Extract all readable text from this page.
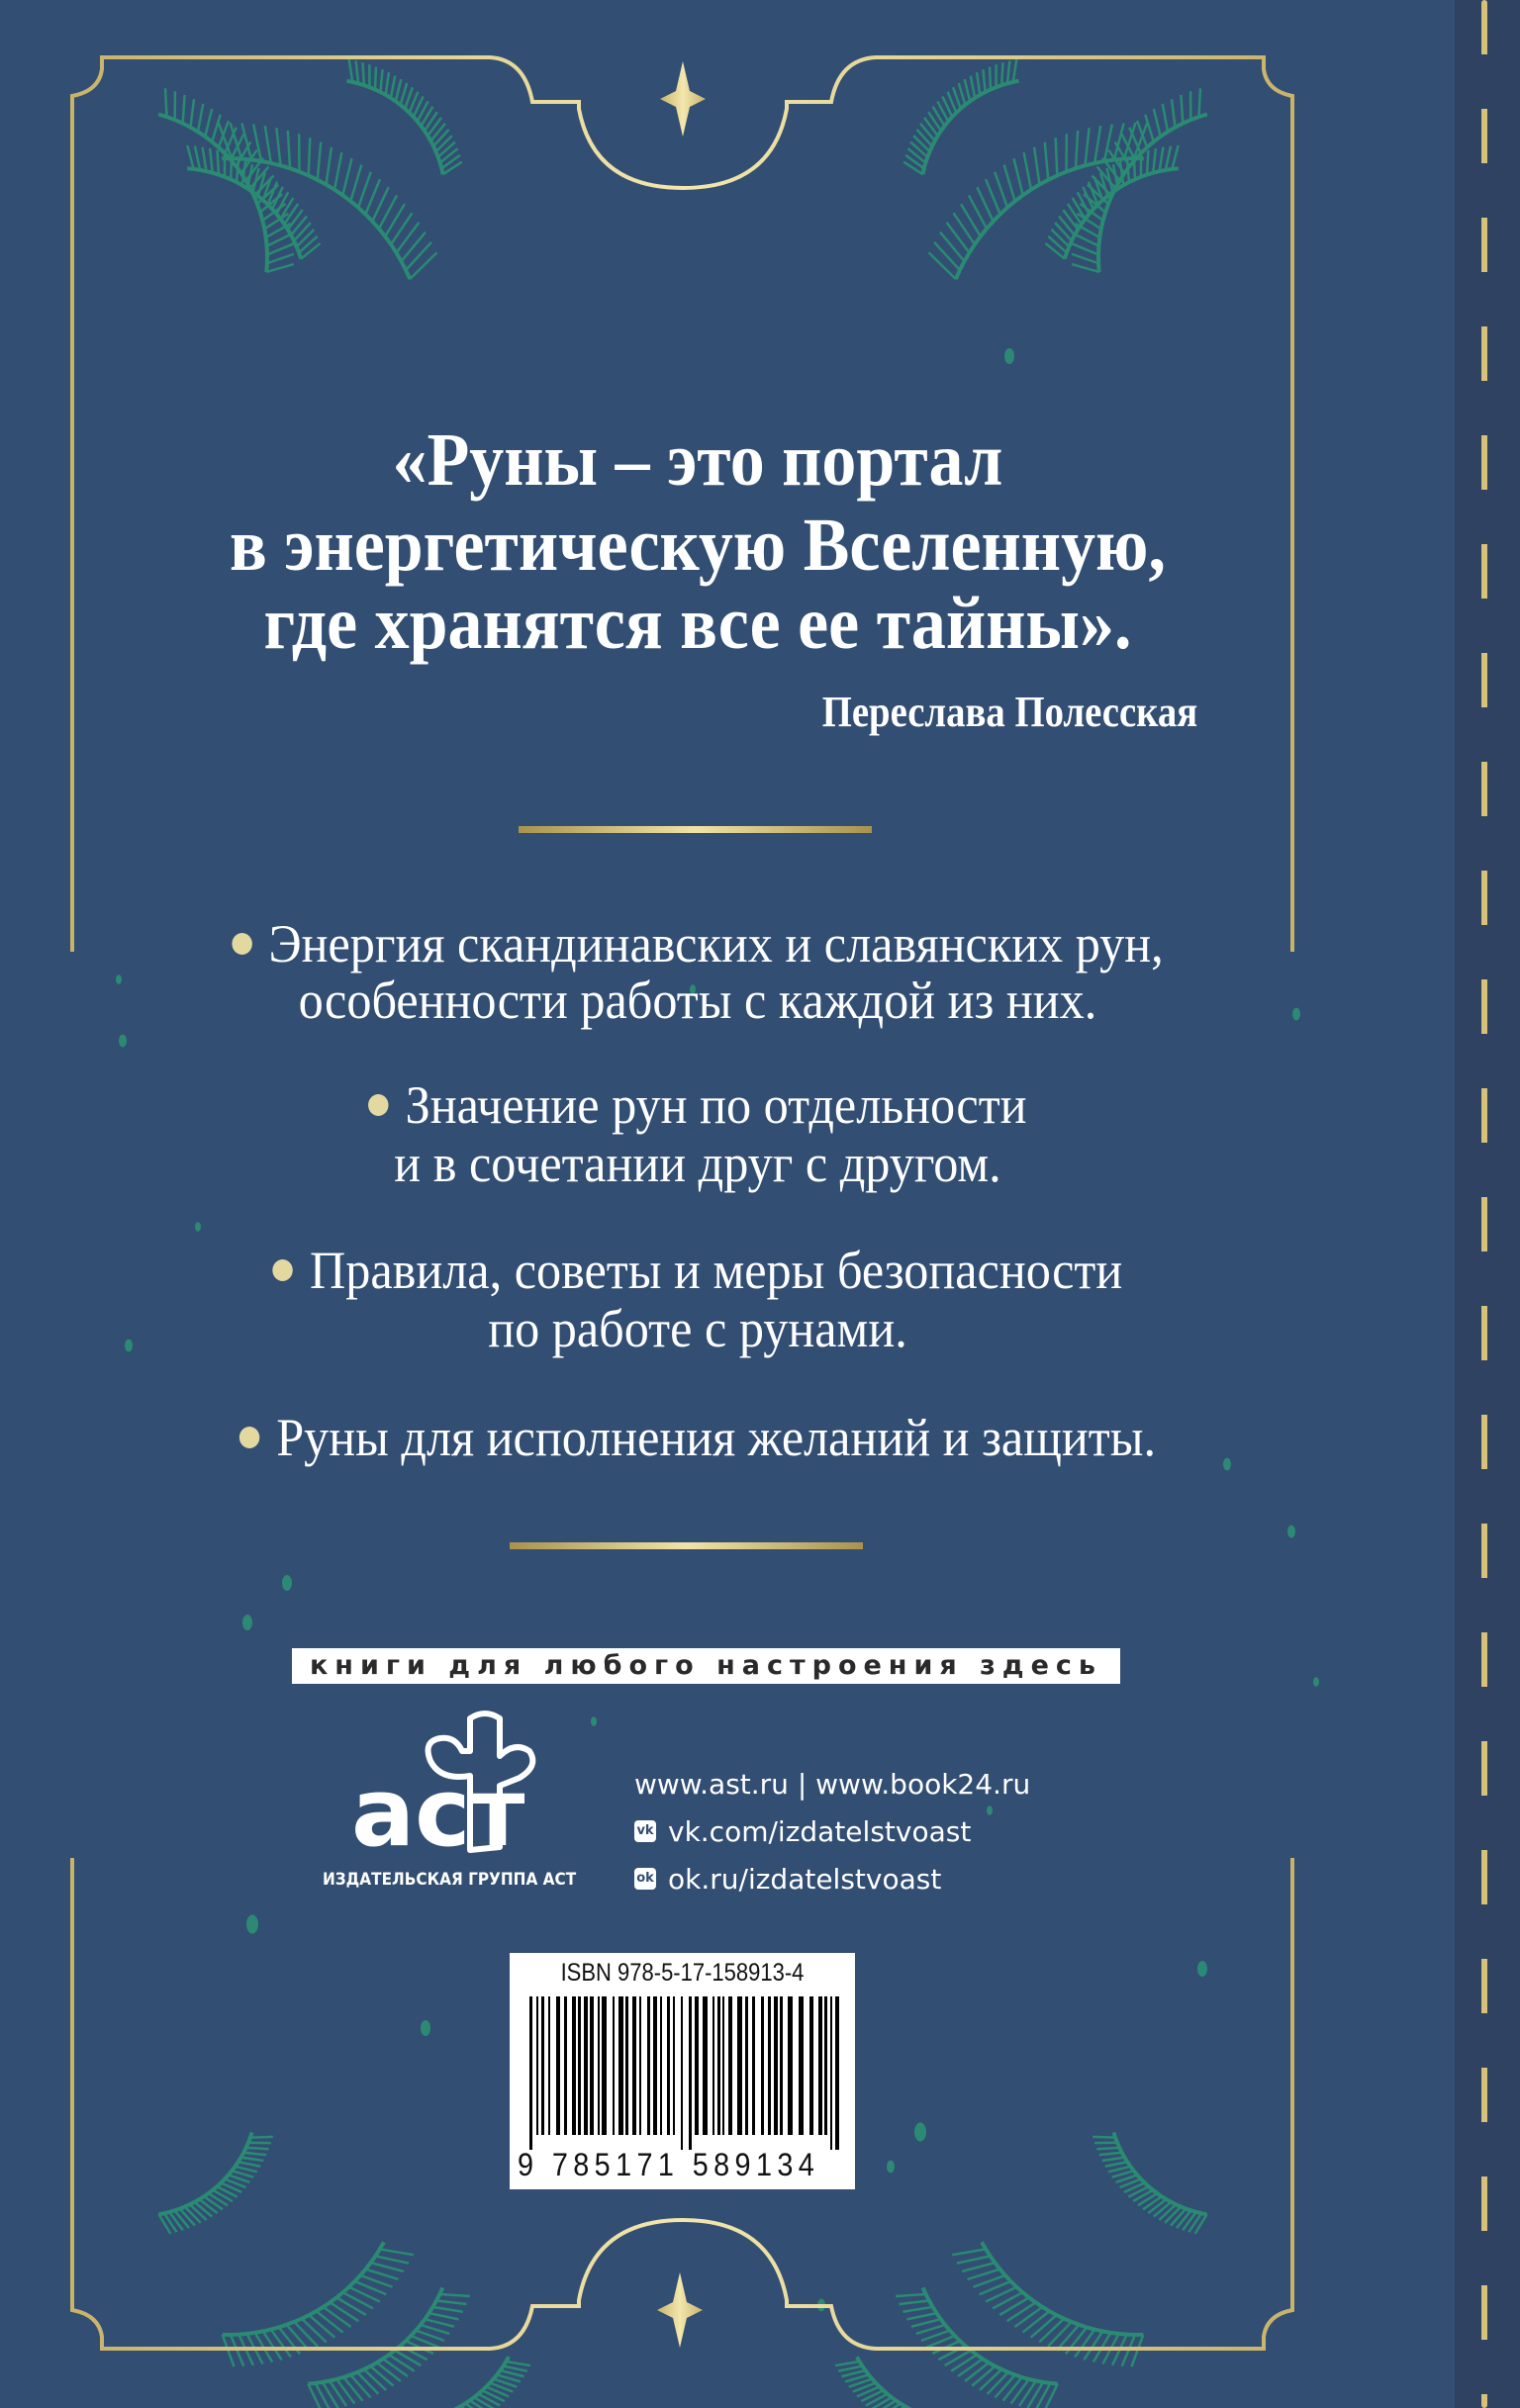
«Руны – это портал
в энергетическую Вселенную,
где хранятся все ее тайны».
Переслава Полесская
Энергия скандинавских и славянских рун,
особенности работы с каждой из них.
Значение рун по отдельности
и в сочетании друг с другом.
Правила, советы и меры безопасности
по работе с рунами.
Руны для исполнения желаний и защиты.
книги для любого настроения здесь
аст
ИЗДАТЕЛЬСКАЯ ГРУППА АСТ
www.ast.ru | www.book24.ru
vk vk.com/izdatelstvoast
ok ok.ru/izdatelstvoast
ISBN 978-5-17-158913-4
9 785171 589134
